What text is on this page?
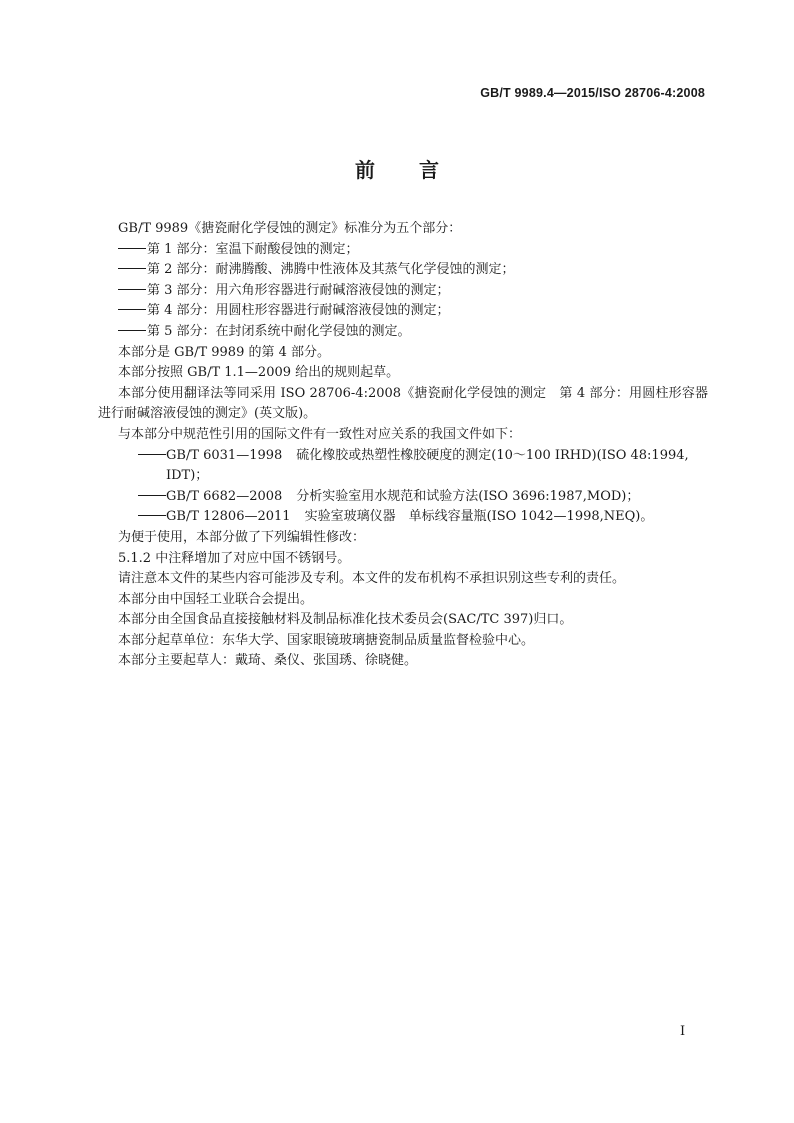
GB/T 9989.4—2015/ISO 28706-4:2008
前言

GB/T 9989《搪瓷耐化学侵蚀的测定》标准分为五个部分：

第 1 部分：室温下耐酸侵蚀的测定；

第 2 部分：耐沸腾酸、沸腾中性液体及其蒸气化学侵蚀的测定；

第 3 部分：用六角形容器进行耐碱溶液侵蚀的测定；

第 4 部分：用圆柱形容器进行耐碱溶液侵蚀的测定；

第 5 部分：在封闭系统中耐化学侵蚀的测定。

本部分是 GB/T 9989 的第 4 部分。

本部分按照 GB/T 1.1—2009 给出的规则起草。

本部分使用翻译法等同采用 ISO 28706-4:2008《搪瓷耐化学侵蚀的测定　第 4 部分：用圆柱形容器进行耐碱溶液侵蚀的测定》(英文版)。

与本部分中规范性引用的国际文件有一致性对应关系的我国文件如下：

GB/T 6031—1998 硫化橡胶或热塑性橡胶硬度的测定(10～100 IRHD)(ISO 48:1994, IDT)；

GB/T 6682—2008 分析实验室用水规范和试验方法(ISO 3696:1987,MOD)；

GB/T 12806—2011 实验室玻璃仪器　单标线容量瓶(ISO 1042—1998,NEQ)。

为便于使用，本部分做了下列编辑性修改：

5.1.2 中注释增加了对应中国不锈钢号。

请注意本文件的某些内容可能涉及专利。本文件的发布机构不承担识别这些专利的责任。

本部分由中国轻工业联合会提出。

本部分由全国食品直接接触材料及制品标准化技术委员会(SAC/TC 397)归口。

本部分起草单位：东华大学、国家眼镜玻璃搪瓷制品质量监督检验中心。

本部分主要起草人：戴琦、桑仪、张国琇、徐晓健。

I
